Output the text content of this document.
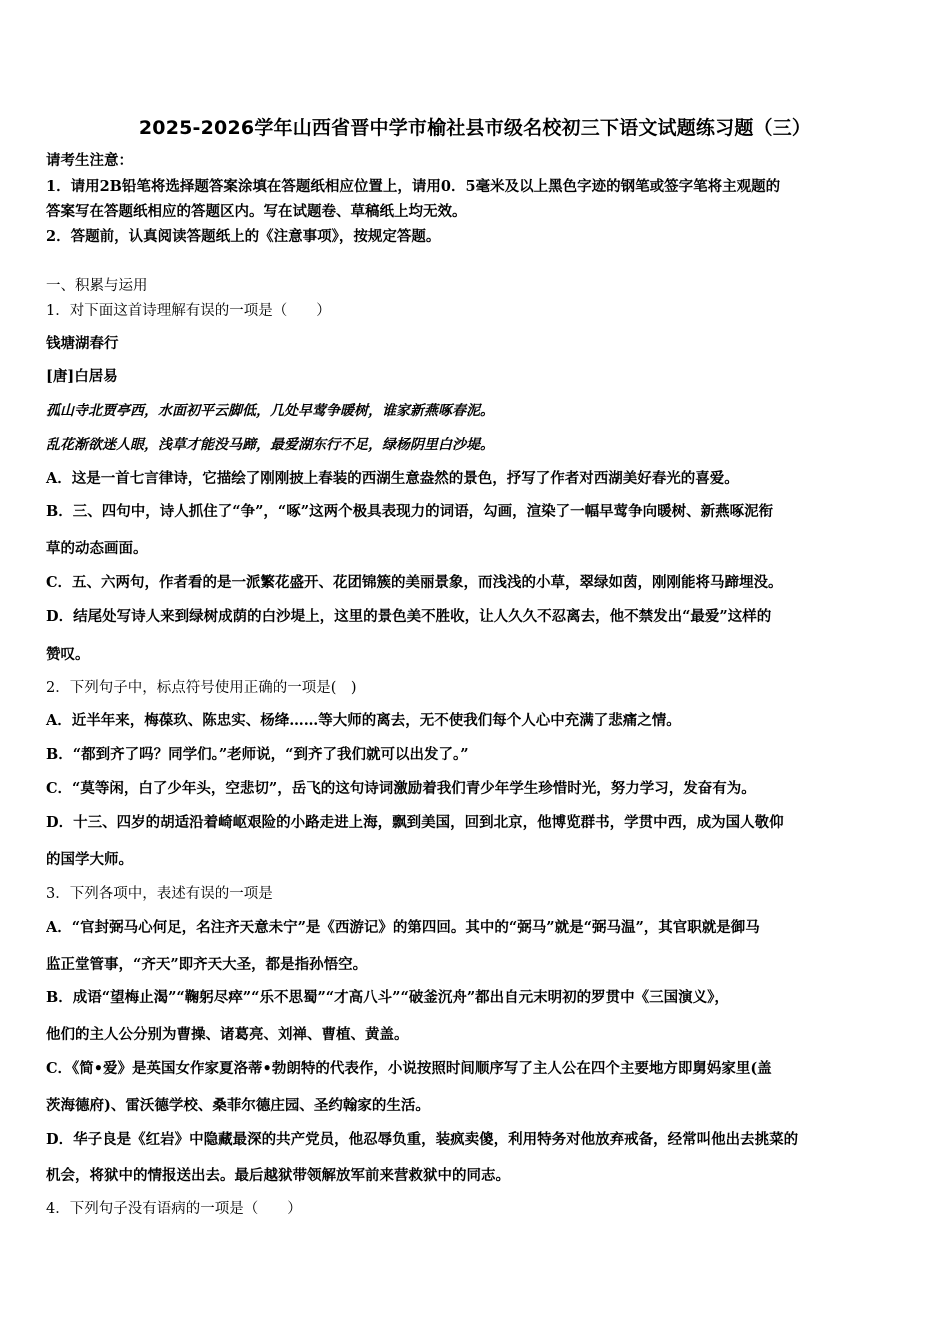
2025-2026学年山西省晋中学市榆社县市级名校初三下语文试题练习题（三）
请考生注意：
1．请用2B铅笔将选择题答案涂填在答题纸相应位置上，请用0．5毫米及以上黑色字迹的钢笔或签字笔将主观题的
答案写在答题纸相应的答题区内。写在试题卷、草稿纸上均无效。
2．答题前，认真阅读答题纸上的《注意事项》，按规定答题。
一、积累与运用
1．对下面这首诗理解有误的一项是（　　）
钱塘湖春行
[唐]白居易
孤山寺北贾亭西，水面初平云脚低，几处早莺争暖树，谁家新燕啄春泥。
乱花渐欲迷人眼，浅草才能没马蹄，最爱湖东行不足，绿杨阴里白沙堤。
A．这是一首七言律诗，它描绘了刚刚披上春装的西湖生意盎然的景色，抒写了作者对西湖美好春光的喜爱。
B．三、四句中，诗人抓住了“争”，“啄”这两个极具表现力的词语，勾画，渲染了一幅早莺争向暖树、新燕啄泥衔
草的动态画面。
C．五、六两句，作者看的是一派繁花盛开、花团锦簇的美丽景象，而浅浅的小草，翠绿如茵，刚刚能将马蹄埋没。
D．结尾处写诗人来到绿树成荫的白沙堤上，这里的景色美不胜收，让人久久不忍离去，他不禁发出“最爱”这样的
赞叹。
2．下列句子中，标点符号使用正确的一项是(　)
A．近半年来，梅葆玖、陈忠实、杨绛……等大师的离去，无不使我们每个人心中充满了悲痛之情。
B．“都到齐了吗？同学们。”老师说，“到齐了我们就可以出发了。”
C．“莫等闲，白了少年头，空悲切”，岳飞的这句诗词激励着我们青少年学生珍惜时光，努力学习，发奋有为。
D．十三、四岁的胡适沿着崎岖艰险的小路走进上海，飘到美国，回到北京，他博览群书，学贯中西，成为国人敬仰
的国学大师。
3．下列各项中，表述有误的一项是
A．“官封弼马心何足，名注齐天意未宁”是《西游记》的第四回。其中的“弼马”就是“弼马温”，其官职就是御马
监正堂管事，“齐天”即齐天大圣，都是指孙悟空。
B．成语“望梅止渴”“鞠躬尽瘁”“乐不思蜀”“才高八斗”“破釜沉舟”都出自元末明初的罗贯中《三国演义》，
他们的主人公分别为曹操、诸葛亮、刘禅、曹植、黄盖。
C．《简•爱》是英国女作家夏洛蒂•勃朗特的代表作，小说按照时间顺序写了主人公在四个主要地方即舅妈家里(盖
茨海德府)、雷沃德学校、桑菲尔德庄园、圣约翰家的生活。
D．华子良是《红岩》中隐藏最深的共产党员，他忍辱负重，装疯卖傻，利用特务对他放弃戒备，经常叫他出去挑菜的
机会，将狱中的情报送出去。最后越狱带领解放军前来营救狱中的同志。
4．下列句子没有语病的一项是（　　）
